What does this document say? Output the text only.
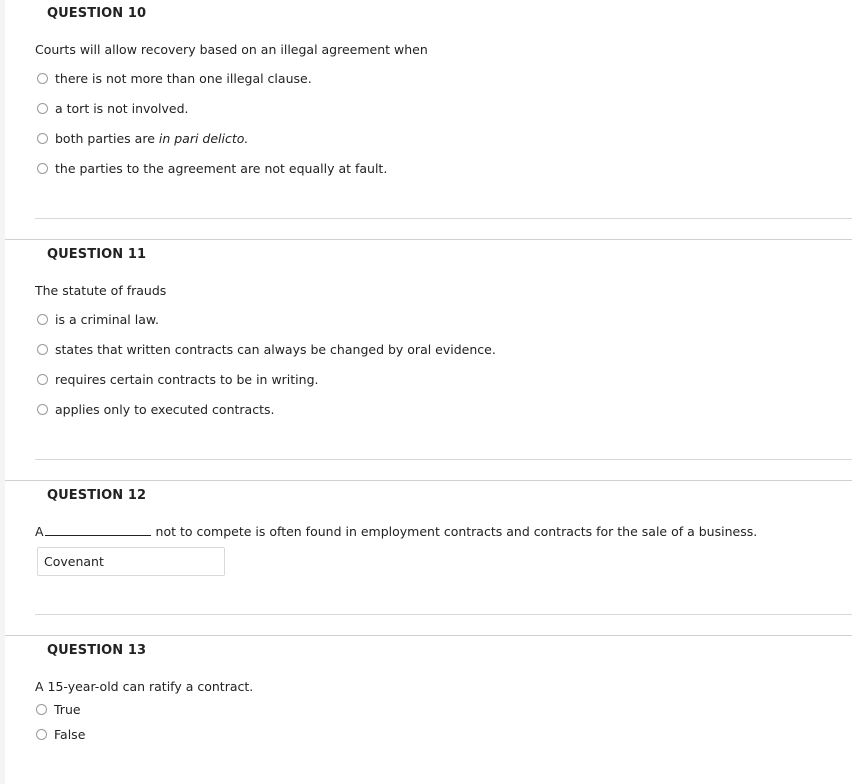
QUESTION 10
Courts will allow recovery based on an illegal agreement when
there is not more than one illegal clause.
a tort is not involved.
both parties are in pari delicto.
the parties to the agreement are not equally at fault.
QUESTION 11
The statute of frauds
is a criminal law.
states that written contracts can always be changed by oral evidence.
requires certain contracts to be in writing.
applies only to executed contracts.
QUESTION 12
A	not to compete is often found in employment contracts and contracts for the sale of a business.
Covenant
QUESTION 13
A 15-year-old can ratify a contract.
True
False
